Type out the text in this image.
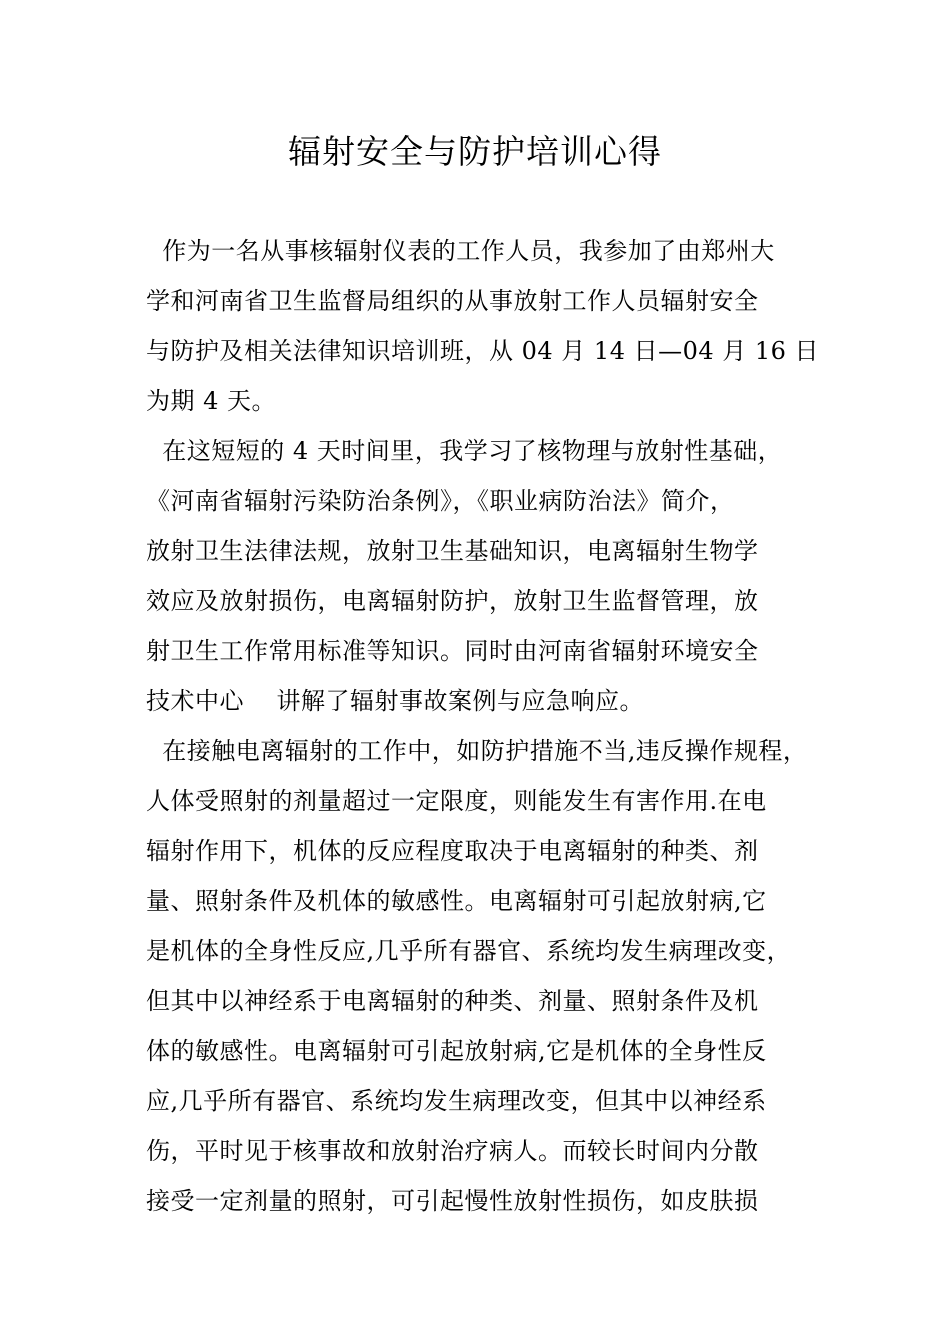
辐射安全与防护培训心得
作为一名从事核辐射仪表的工作人员，我参加了由郑州大
学和河南省卫生监督局组织的从事放射工作人员辐射安全
与防护及相关法律知识培训班，从 04 月 14 日—04 月 16 日
为期 4 天。
在这短短的 4 天时间里，我学习了核物理与放射性基础，
《河南省辐射污染防治条例》，《职业病防治法》简介，
放射卫生法律法规，放射卫生基础知识，电离辐射生物学
效应及放射损伤，电离辐射防护，放射卫生监督管理，放
射卫生工作常用标准等知识。同时由河南省辐射环境安全
技术中心    讲解了辐射事故案例与应急响应。
在接触电离辐射的工作中，如防护措施不当,违反操作规程，
人体受照射的剂量超过一定限度，则能发生有害作用.在电
辐射作用下，机体的反应程度取决于电离辐射的种类、剂
量、照射条件及机体的敏感性。电离辐射可引起放射病,它
是机体的全身性反应,几乎所有器官、系统均发生病理改变，
但其中以神经系于电离辐射的种类、剂量、照射条件及机
体的敏感性。电离辐射可引起放射病,它是机体的全身性反
应,几乎所有器官、系统均发生病理改变，但其中以神经系
伤，平时见于核事故和放射治疗病人。而较长时间内分散
接受一定剂量的照射，可引起慢性放射性损伤，如皮肤损
